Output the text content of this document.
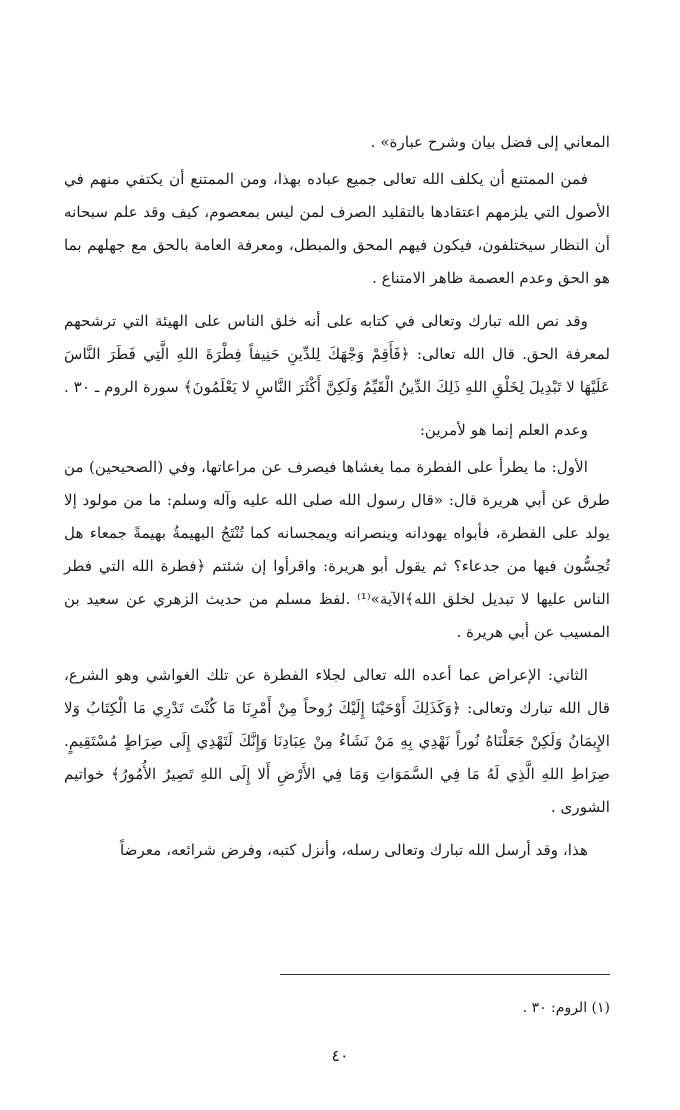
المعاني إلى فضل بيان وشرح عبارة» .

فمن الممتنع أن يكلف الله تعالى جميع عباده بهذا، ومن الممتنع أن يكتفي منهم في الأصول التي يلزمهم اعتقادها بالتقليد الصرف لمن ليس بمعصوم، كيف وقد علم سبحانه أن النظار سيختلفون، فيكون فيهم المحق والمبطل، ومعرفة العامة بالحق مع جهلهم بما هو الحق وعدم العصمة ظاهر الامتناع .

وقد نص الله تبارك وتعالى في كتابه على أنه خلق الناس على الهيئة التي ترشحهم لمعرفة الحق. قال الله تعالى: ﴿فَأَقِمْ وَجْهَكَ لِلدِّينِ حَنِيفاً فِطْرَةَ اللهِ الَّتِي فَطَرَ النَّاسَ عَلَيْهَا لا تَبْدِيلَ لِخَلْقِ اللهِ ذَلِكَ الدِّينُ الْقَيِّمُ وَلَكِنَّ أَكْثَرَ النَّاسِ لا يَعْلَمُونَ﴾ سورة الروم ـ ٣٠ .

وعدم العلم إنما هو لأمرين:

الأول: ما يطرأ على الفطرة مما يغشاها فيصرف عن مراعاتها، وفي (الصحيحين) من طرق عن أبي هريرة قال: «قال رسول الله صلى الله عليه وآله وسلم: ما من مولود إلا يولد على الفطرة، فأبواه يهودانه وينصرانه ويمجسانه كما تُنْتَجُ البهيمةُ بهيمةً جمعاء هل تُحِسُّون فيها من جدعاء؟ ثم يقول أبو هريرة: واقرأوا إن شئتم ﴿فطرة الله التي فطر الناس عليها لا تبديل لخلق الله﴾الآية»⁽¹⁾ .لفظ مسلم من حديث الزهري عن سعيد بن المسيب عن أبي هريرة .

الثاني: الإعراض عما أعده الله تعالى لجلاء الفطرة عن تلك الغواشي وهو الشرع، قال الله تبارك وتعالى: ﴿وَكَذَلِكَ أَوْحَيْنَا إِلَيْكَ رُوحاً مِنْ أَمْرِنَا مَا كُنْتَ تَدْرِي مَا الْكِتَابُ وَلا الإِيمَانُ وَلَكِنْ جَعَلْنَاهُ نُوراً نَهْدِي بِهِ مَنْ نَشَاءُ مِنْ عِبَادِنَا وَإِنَّكَ لَتَهْدِي إِلَى صِرَاطٍ مُسْتَقِيمٍ. صِرَاطِ اللهِ الَّذِي لَهُ مَا فِي السَّمَوَاتِ وَمَا فِي الأَرْضِ أَلا إِلَى اللهِ تَصِيرُ الأُمُورُ﴾ خواتيم الشورى .

هذا، وقد أرسل الله تبارك وتعالى رسله، وأنزل كتبه، وفرض شرائعه، معرضاً

(١) الروم: ٣٠ .
٤٠
